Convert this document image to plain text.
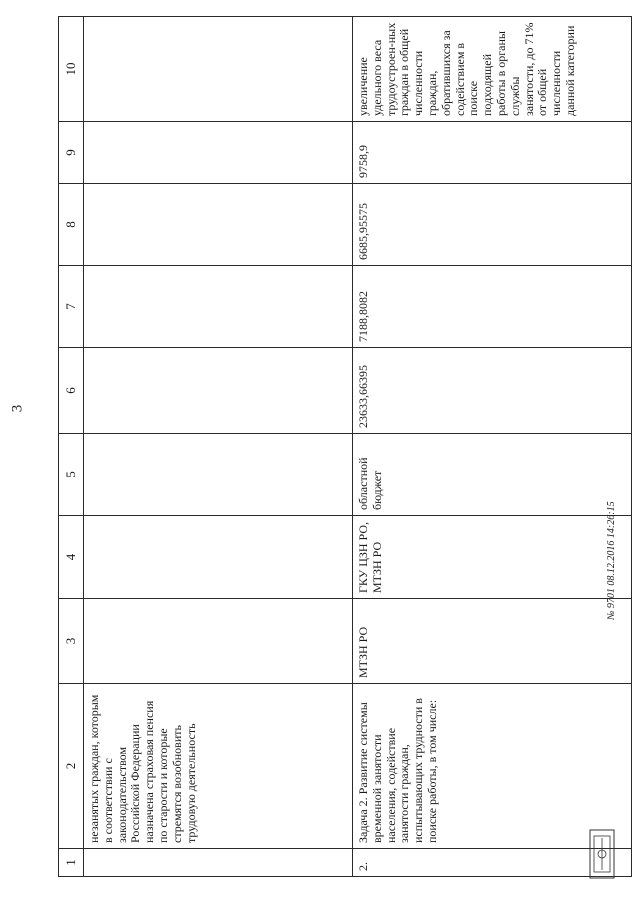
3
1	2	3	4	5	6	7	8	9	10
	незанятых граждан, которым в соответствии с законодательством Российской Федерации назначена страховая пенсия по старости и которые стремятся возобновить трудовую деятельность								
2.	Задача 2. Развитие системы временной занятости населения, содействие занятости граждан, испытывающих трудности в поиске работы, в том числе:	МТЗН РО	ГКУ ЦЗН РО, МТЗН РО	областной бюджет	23633,66395	7188,8082	6685,95575	9758,9	увеличение удельного веса трудоустроен-ных граждан в общей численности граждан, обратившихся за содействием в поиске подходящей работы в органы службы занятости, до 71% от общей численности данной категории
№ 9701 08.12.2016 14:26:15
